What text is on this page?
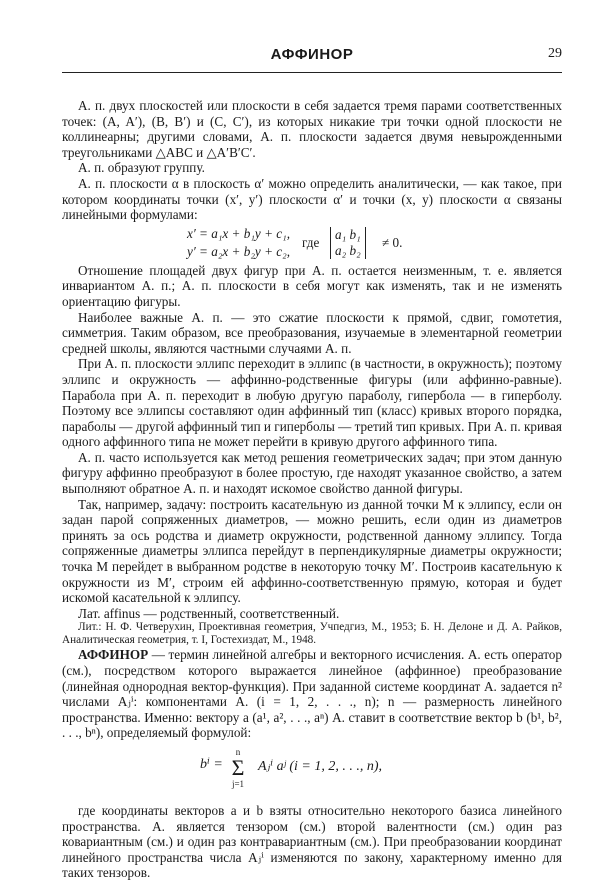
АФФИНОР	29

А. п. двух плоскостей или плоскости в себя задается тремя парами соответственных точек: (A, A′), (B, B′) и (C, C′), из которых никакие три точки одной плоскости не коллинеарны; другими словами, А. п. плоскости задается двумя невырожденными треугольниками △ABC и △A′B′C′.

А. п. образуют группу.

А. п. плоскости α в плоскость α′ можно определить аналитически, — как такое, при котором координаты точки (x′, y′) плоскости α′ и точки (x, y) плоскости α связаны линейными формулами:

x′ = a₁x + b₁y + c₁,
y′ = a₂x + b₂y + c₂,
где
a₁ b₁
a₂ b₂
≠ 0.

Отношение площадей двух фигур при А. п. остается неизменным, т. е. является инвариантом А. п.; А. п. плоскости в себя могут как изменять, так и не изменять ориентацию фигуры.

Наиболее важные А. п. — это сжатие плоскости к прямой, сдвиг, гомотетия, симметрия. Таким образом, все преобразования, изучаемые в элементарной геометрии средней школы, являются частными случаями А. п.

При А. п. плоскости эллипс переходит в эллипс (в частности, в окружность); поэтому эллипс и окружность — аффинно-родственные фигуры (или аффинно-равные). Парабола при А. п. переходит в любую другую параболу, гипербола — в гиперболу. Поэтому все эллипсы составляют один аффинный тип (класс) кривых второго порядка, параболы — другой аффинный тип и гиперболы — третий тип кривых. При А. п. кривая одного аффинного типа не может перейти в кривую другого аффинного типа.

А. п. часто используется как метод решения геометрических задач; при этом данную фигуру аффинно преобразуют в более простую, где находят указанное свойство, а затем выполняют обратное А. п. и находят искомое свойство данной фигуры.

Так, например, задачу: построить касательную из данной точки M к эллипсу, если он задан парой сопряженных диаметров, — можно решить, если один из диаметров принять за ось родства и диаметр окружности, родственной данному эллипсу. Тогда сопряженные диаметры эллипса перейдут в перпендикулярные диаметры окружности; точка M перейдет в выбранном родстве в некоторую точку M′. Построив касательную к окружности из M′, строим ей аффинно-соответственную прямую, которая и будет искомой касательной к эллипсу.

Лат. affinus — родственный, соответственный.

Лит.: Н. Ф. Четверухин, Проективная геометрия, Учпедгиз, М., 1953; Б. Н. Делоне и Д. А. Райков, Аналитическая геометрия, т. I, Гостехиздат, М., 1948.

АФФИНОР — термин линейной алгебры и векторного исчисления. А. есть оператор (см.), посредством которого выражается линейное (аффинное) преобразование (линейная однородная вектор-функция). При заданной системе координат А. задается n² числами Aⱼⁱ: компонентами А. (i = 1, 2, . . ., n); n — размерность линейного пространства. Именно: вектору a (a¹, a², . . ., aⁿ) А. ставит в соответствие вектор b (b¹, b², . . ., bⁿ), определяемый формулой:

bⁱ =
n
Σ
j=1
Aⱼⁱ aʲ (i = 1, 2, . . ., n),

где координаты векторов a и b взяты относительно некоторого базиса линейного пространства. А. является тензором (см.) второй валентности (см.) один раз ковариантным (см.) и один раз контравариантным (см.). При преобразовании координат линейного пространства числа Aⱼⁱ изменяются по закону, характерному именно для таких тензоров.
